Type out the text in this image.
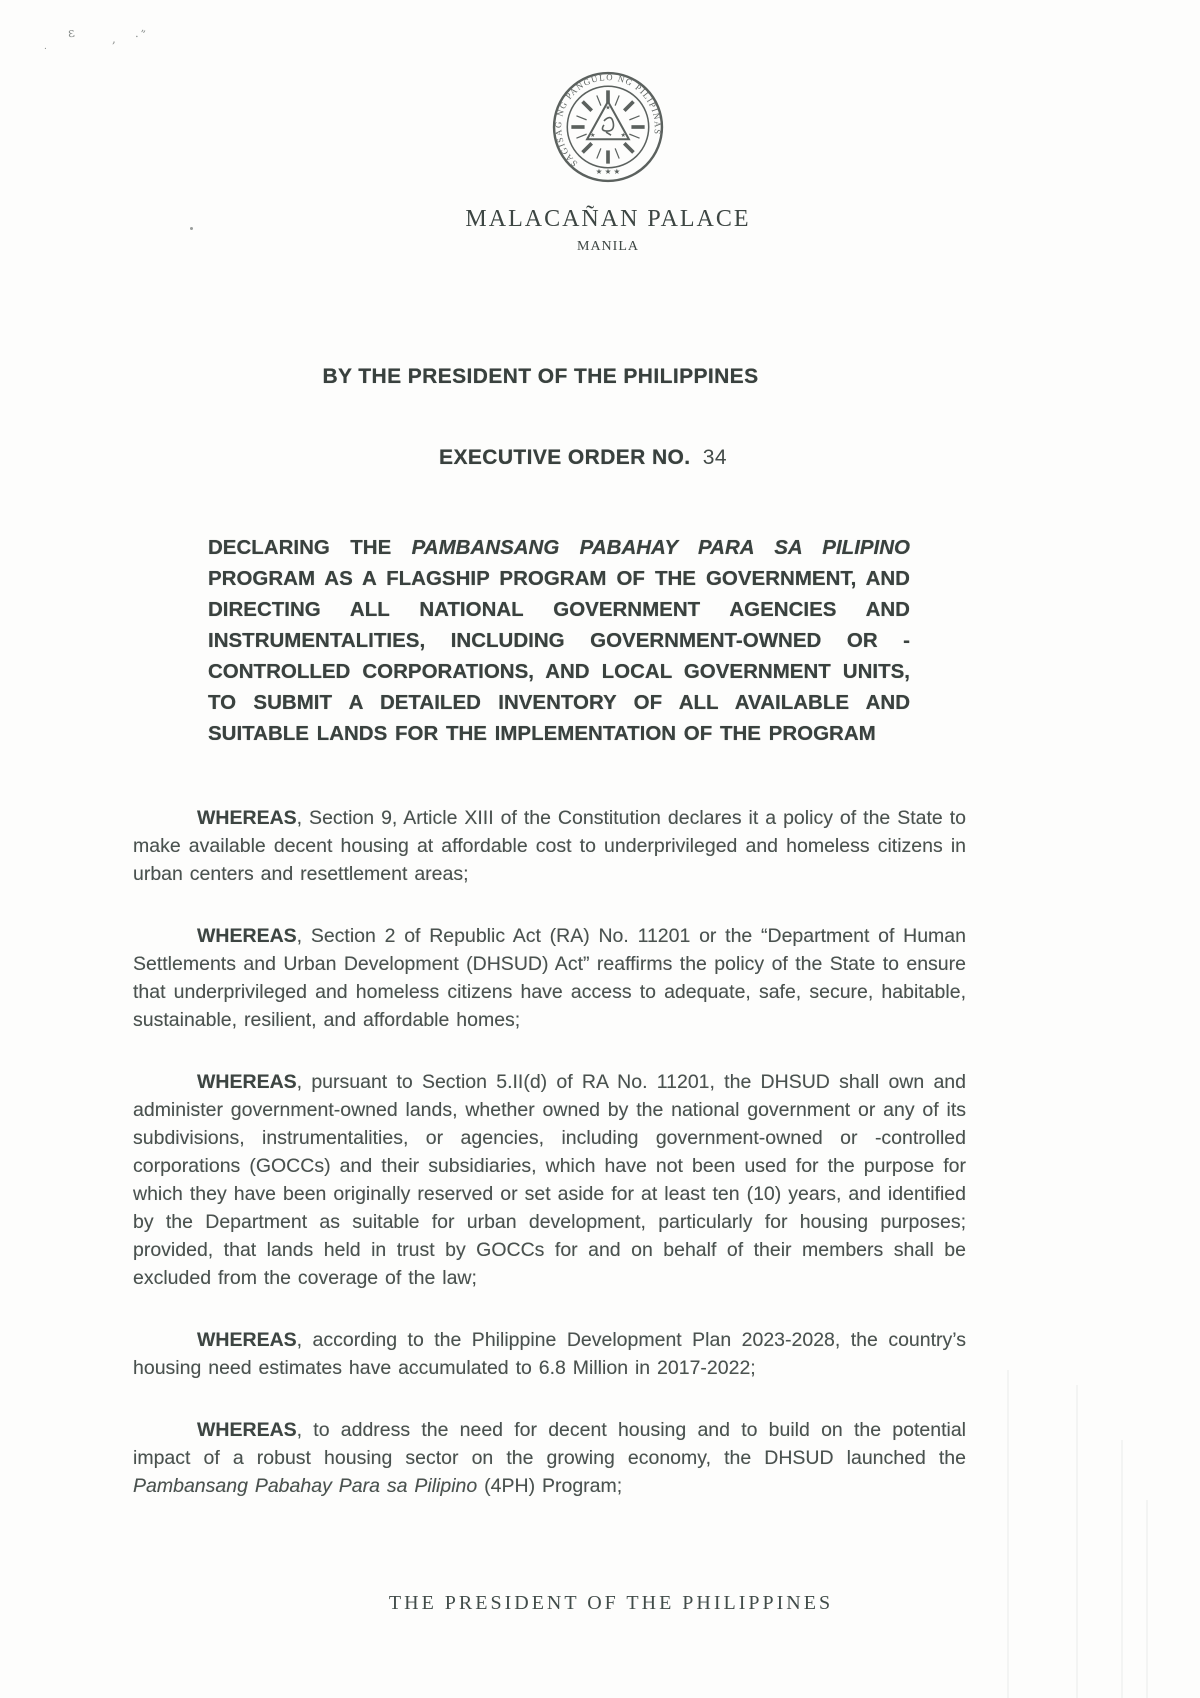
.
ɛ	, .ʺ
★
★	★
SAGISAG NG PANGULO NG PILIPINAS
★ ★ ★
MALACAÑAN PALACE
MANILA
BY THE PRESIDENT OF THE PHILIPPINES
EXECUTIVE ORDER NO. 34
DECLARING THE PAMBANSANG PABAHAY PARA SA PILIPINO PROGRAM AS A FLAGSHIP PROGRAM OF THE GOVERNMENT, AND DIRECTING ALL NATIONAL GOVERNMENT AGENCIES AND INSTRUMENTALITIES, INCLUDING GOVERNMENT-OWNED OR -CONTROLLED CORPORATIONS, AND LOCAL GOVERNMENT UNITS, TO SUBMIT A DETAILED INVENTORY OF ALL AVAILABLE AND SUITABLE LANDS FOR THE IMPLEMENTATION OF THE PROGRAM

WHEREAS, Section 9, Article XIII of the Constitution declares it a policy of the State to make available decent housing at affordable cost to underprivileged and homeless citizens in urban centers and resettlement areas;

WHEREAS, Section 2 of Republic Act (RA) No. 11201 or the “Department of Human Settlements and Urban Development (DHSUD) Act” reaffirms the policy of the State to ensure that underprivileged and homeless citizens have access to adequate, safe, secure, habitable, sustainable, resilient, and affordable homes;

WHEREAS, pursuant to Section 5.II(d) of RA No. 11201, the DHSUD shall own and administer government-owned lands, whether owned by the national government or any of its subdivisions, instrumentalities, or agencies, including government-owned or -controlled corporations (GOCCs) and their subsidiaries, which have not been used for the purpose for which they have been originally reserved or set aside for at least ten (10) years, and identified by the Department as suitable for urban development, particularly for housing purposes; provided, that lands held in trust by GOCCs for and on behalf of their members shall be excluded from the coverage of the law;

WHEREAS, according to the Philippine Development Plan 2023-2028, the country’s housing need estimates have accumulated to 6.8 Million in 2017-2022;

WHEREAS, to address the need for decent housing and to build on the potential impact of a robust housing sector on the growing economy, the DHSUD launched the Pambansang Pabahay Para sa Pilipino (4PH) Program;

THE PRESIDENT OF THE PHILIPPINES
